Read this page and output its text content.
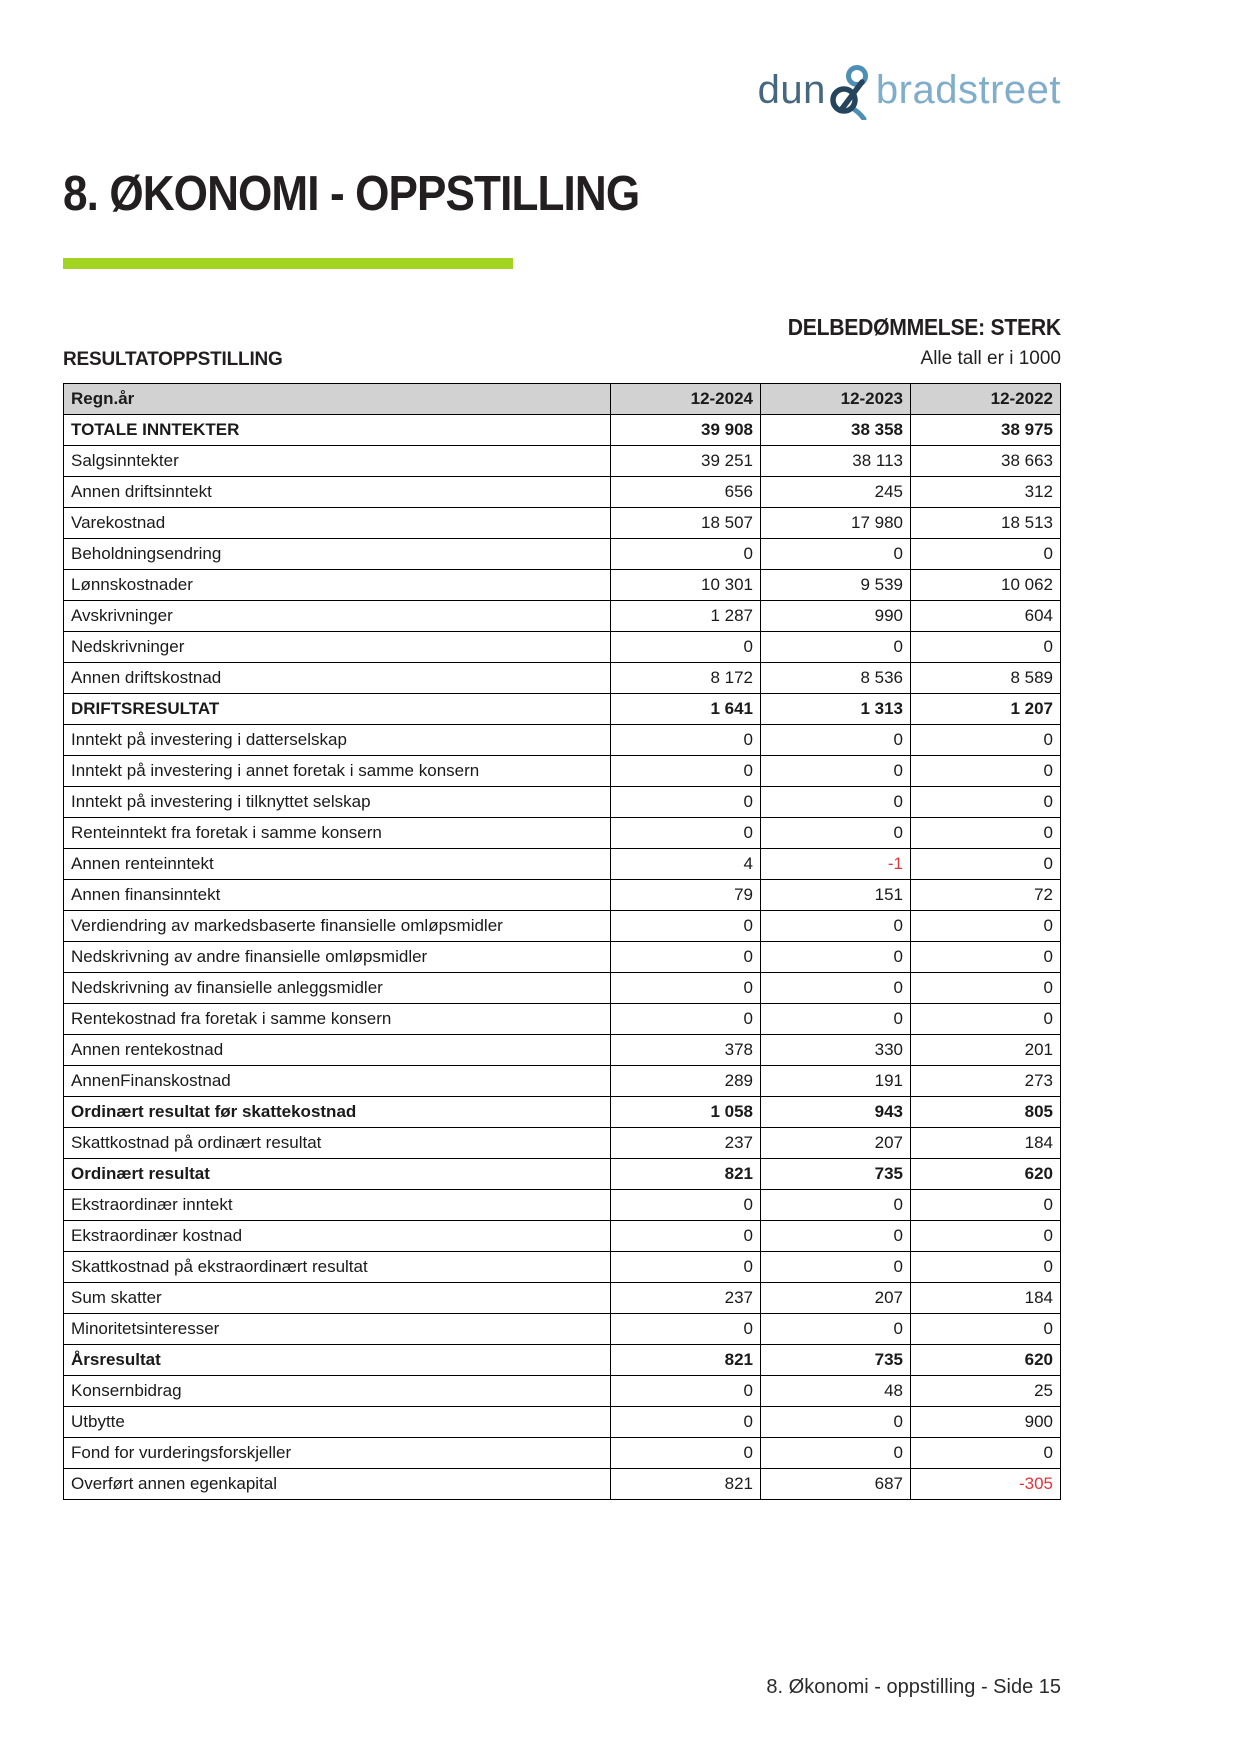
dun bradstreet
8. ØKONOMI - OPPSTILLING
DELBEDØMMELSE: STERK
Alle tall er i 1000
RESULTATOPPSTILLING
Regn.år	12-2024	12-2023	12-2022
TOTALE INNTEKTER	39 908	38 358	38 975
Salgsinntekter	39 251	38 113	38 663
Annen driftsinntekt	656	245	312
Varekostnad	18 507	17 980	18 513
Beholdningsendring	0	0	0
Lønnskostnader	10 301	9 539	10 062
Avskrivninger	1 287	990	604
Nedskrivninger	0	0	0
Annen driftskostnad	8 172	8 536	8 589
DRIFTSRESULTAT	1 641	1 313	1 207
Inntekt på investering i datterselskap	0	0	0
Inntekt på investering i annet foretak i samme konsern	0	0	0
Inntekt på investering i tilknyttet selskap	0	0	0
Renteinntekt fra foretak i samme konsern	0	0	0
Annen renteinntekt	4	-1	0
Annen finansinntekt	79	151	72
Verdiendring av markedsbaserte finansielle omløpsmidler	0	0	0
Nedskrivning av andre finansielle omløpsmidler	0	0	0
Nedskrivning av finansielle anleggsmidler	0	0	0
Rentekostnad fra foretak i samme konsern	0	0	0
Annen rentekostnad	378	330	201
AnnenFinanskostnad	289	191	273
Ordinært resultat før skattekostnad	1 058	943	805
Skattkostnad på ordinært resultat	237	207	184
Ordinært resultat	821	735	620
Ekstraordinær inntekt	0	0	0
Ekstraordinær kostnad	0	0	0
Skattkostnad på ekstraordinært resultat	0	0	0
Sum skatter	237	207	184
Minoritetsinteresser	0	0	0
Årsresultat	821	735	620
Konsernbidrag	0	48	25
Utbytte	0	0	900
Fond for vurderingsforskjeller	0	0	0
Overført annen egenkapital	821	687	-305
8. Økonomi - oppstilling - Side 15
